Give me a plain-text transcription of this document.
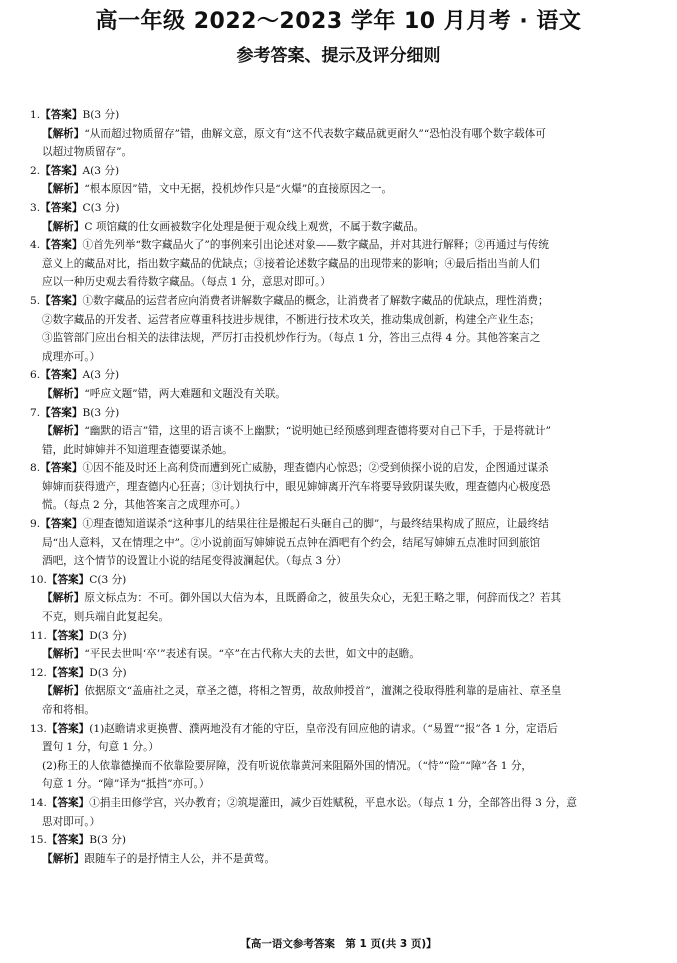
高一年级 2022～2023 学年 10 月月考 · 语文
参考答案、提示及评分细则
1.【答案】B(3 分)
【解析】“从而超过物质留存”错，曲解文意，原文有“这不代表数字藏品就更耐久”“恐怕没有哪个数字载体可
以超过物质留存”。
2.【答案】A(3 分)
【解析】“根本原因”错，文中无据，投机炒作只是“火爆”的直接原因之一。
3.【答案】C(3 分)
【解析】C 项馆藏的仕女画被数字化处理是便于观众线上观赏，不属于数字藏品。
4.【答案】①首先列举“数字藏品火了”的事例来引出论述对象——数字藏品，并对其进行解释；②再通过与传统
意义上的藏品对比，指出数字藏品的优缺点；③接着论述数字藏品的出现带来的影响；④最后指出当前人们
应以一种历史观去看待数字藏品。（每点 1 分，意思对即可。）
5.【答案】①数字藏品的运营者应向消费者讲解数字藏品的概念，让消费者了解数字藏品的优缺点，理性消费；
②数字藏品的开发者、运营者应尊重科技进步规律，不断进行技术攻关，推动集成创新，构建全产业生态；
③监管部门应出台相关的法律法规，严厉打击投机炒作行为。（每点 1 分，答出三点得 4 分。其他答案言之
成理亦可。）
6.【答案】A(3 分)
【解析】“呼应文题”错，两大难题和文题没有关联。
7.【答案】B(3 分)
【解析】“幽默的语言”错，这里的语言谈不上幽默；“说明她已经预感到理查德将要对自己下手，于是将就计”
错，此时婶婶并不知道理查德要谋杀她。
8.【答案】①因不能及时还上高利贷而遭到死亡威胁，理查德内心惊恐；②受到侦探小说的启发，企图通过谋杀
婶婶而获得遗产，理查德内心狂喜；③计划执行中，眼见婶婶离开汽车将要导致阴谋失败，理查德内心极度恐
慌。（每点 2 分，其他答案言之成理亦可。）
9.【答案】①理查德知道谋杀“这种事儿的结果往往是搬起石头砸自己的脚”，与最终结果构成了照应，让最终结
局“出人意料，又在情理之中”。②小说前面写婶婶说五点钟在酒吧有个约会，结尾写婶婶五点准时回到旅馆
酒吧，这个情节的设置让小说的结尾变得波澜起伏。（每点 3 分）
10.【答案】C(3 分)
【解析】原文标点为：不可。御外国以大信为本，且既爵命之，彼虽失众心，无犯王略之罪，何辞而伐之？若其
不克，则兵端自此复起矣。
11.【答案】D(3 分)
【解析】“平民去世叫‘卒’”表述有误。“卒”在古代称大夫的去世，如文中的赵瞻。
12.【答案】D(3 分)
【解析】依据原文“盖庙社之灵，章圣之德，将相之智勇，故敌帅授首”，澶渊之役取得胜利靠的是庙社、章圣皇
帝和将相。
13.【答案】(1)赵瞻请求更换曹、濮两地没有才能的守臣，皇帝没有回应他的请求。（“易置”“报”各 1 分，定语后
置句 1 分，句意 1 分。）
(2)称王的人依靠德操而不依靠险要屏障，没有听说依靠黄河来阻隔外国的情况。（“恃”“险”“障”各 1 分，
句意 1 分。“障”译为“抵挡”亦可。）
14.【答案】①捐圭田修学宫，兴办教育；②筑堤灌田，减少百姓赋税，平息水讼。（每点 1 分，全部答出得 3 分，意
思对即可。）
15.【答案】B(3 分)
【解析】跟随车子的是抒情主人公，并不是黄莺。
【高一语文参考答案　第 1 页(共 3 页)】
